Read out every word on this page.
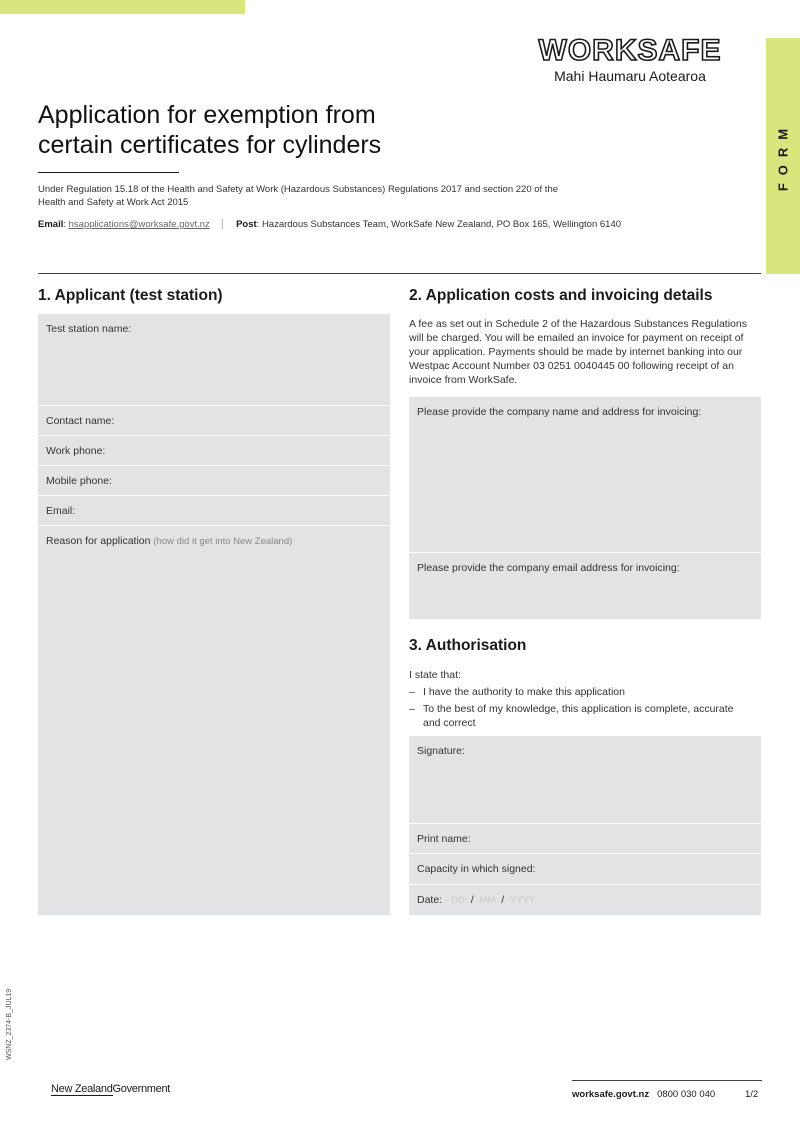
FORM
WORKSAFE
Mahi Haumaru Aotearoa
Application for exemption from
certain certificates for cylinders
Under Regulation 15.18 of the Health and Safety at Work (Hazardous Substances) Regulations 2017 and section 220 of the
Health and Safety at Work Act 2015
Email: hsapplications@worksafe.govt.nz	Post: Hazardous Substances Team, WorkSafe New Zealand, PO Box 165, Wellington 6140
1. Applicant (test station)
Test station name:
Contact name:
Work phone:
Mobile phone:
Email:
Reason for application (how did it get into New Zealand)
2. Application costs and invoicing details
A fee as set out in Schedule 2 of the Hazardous Substances Regulations will be charged. You will be emailed an invoice for payment on receipt of your application. Payments should be made by internet banking into our Westpac Account Number 03 0251 0040445 00 following receipt of an invoice from WorkSafe.
Please provide the company name and address for invoicing:
Please provide the company email address for invoicing:
3. Authorisation
I state that:
– I have the authority to make this application
– To the best of my knowledge, this application is complete, accurate and correct
Signature:
Print name:
Capacity in which signed:
Date: DD / MM / YYYY
WSNZ_2374-B_JUL19
New ZealandGovernment	worksafe.govt.nz 0800 030 040	1/2
